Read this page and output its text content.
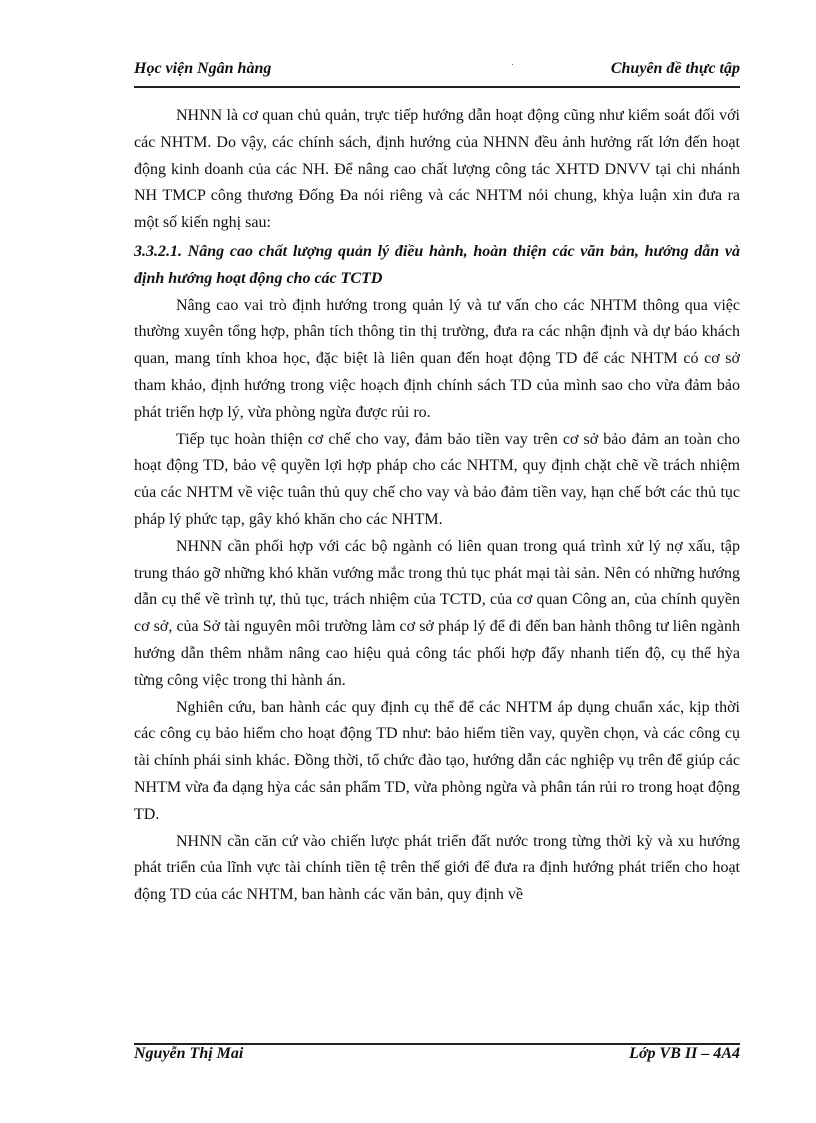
Học viện Ngân hàng	Chuyên đề thực tập

NHNN là cơ quan chủ quản, trực tiếp hướng dẫn hoạt động cũng như kiểm soát đối với các NHTM. Do vậy, các chính sách, định hướng của NHNN đều ảnh hưởng rất lớn đến hoạt động kinh doanh của các NH. Để nâng cao chất lượng công tác XHTD DNVV tại chi nhánh NH TMCP công thương Đống Đa nói riêng và các NHTM nói chung, khỳa luận xin đưa ra một số kiến nghị sau:

3.3.2.1. Nâng cao chất lượng quản lý điều hành, hoàn thiện các văn bản, hướng dẫn và định hướng hoạt động cho các TCTD

Nâng cao vai trò định hướng trong quản lý và tư vấn cho các NHTM thông qua việc thường xuyên tổng hợp, phân tích thông tin thị trường, đưa ra các nhận định và dự báo khách quan, mang tính khoa học, đặc biệt là liên quan đến hoạt động TD để các NHTM có cơ sở tham khảo, định hướng trong việc hoạch định chính sách TD của mình sao cho vừa đảm bảo phát triển hợp lý, vừa phòng ngừa được rủi ro.

Tiếp tục hoàn thiện cơ chế cho vay, đảm bảo tiền vay trên cơ sở bảo đảm an toàn cho hoạt động TD, bảo vệ quyền lợi hợp pháp cho các NHTM, quy định chặt chẽ về trách nhiệm của các NHTM về việc tuân thủ quy chế cho vay và bảo đảm tiền vay, hạn chế bớt các thủ tục pháp lý phức tạp, gây khó khăn cho các NHTM.

NHNN cần phối hợp với các bộ ngành có liên quan trong quá trình xử lý nợ xấu, tập trung tháo gỡ những khó khăn vướng mắc trong thủ tục phát mại tài sản. Nên có những hướng dẫn cụ thể về trình tự, thủ tục, trách nhiệm của TCTD, của cơ quan Công an, của chính quyền cơ sở, của Sở tài nguyên môi trường làm cơ sở pháp lý để đi đến ban hành thông tư liên ngành hướng dẫn thêm nhằm nâng cao hiệu quả công tác phối hợp đẩy nhanh tiến độ, cụ thể hỳa từng công việc trong thi hành án.

Nghiên cứu, ban hành các quy định cụ thể để các NHTM áp dụng chuẩn xác, kịp thời các công cụ bảo hiểm cho hoạt động TD như: bảo hiểm tiền vay, quyền chọn, và các công cụ tài chính phái sinh khác. Đồng thời, tổ chức đào tạo, hướng dẫn các nghiệp vụ trên để giúp các NHTM vừa đa dạng hỳa các sản phẩm TD, vừa phòng ngừa và phân tán rủi ro trong hoạt động TD.

NHNN cần căn cứ vào chiến lược phát triển đất nước trong từng thời kỳ và xu hướng phát triển của lĩnh vực tài chính tiền tệ trên thế giới để đưa ra định hướng phát triển cho hoạt động TD của các NHTM, ban hành các văn bản, quy định về

Nguyễn Thị Mai	Lớp VB II – 4A4
